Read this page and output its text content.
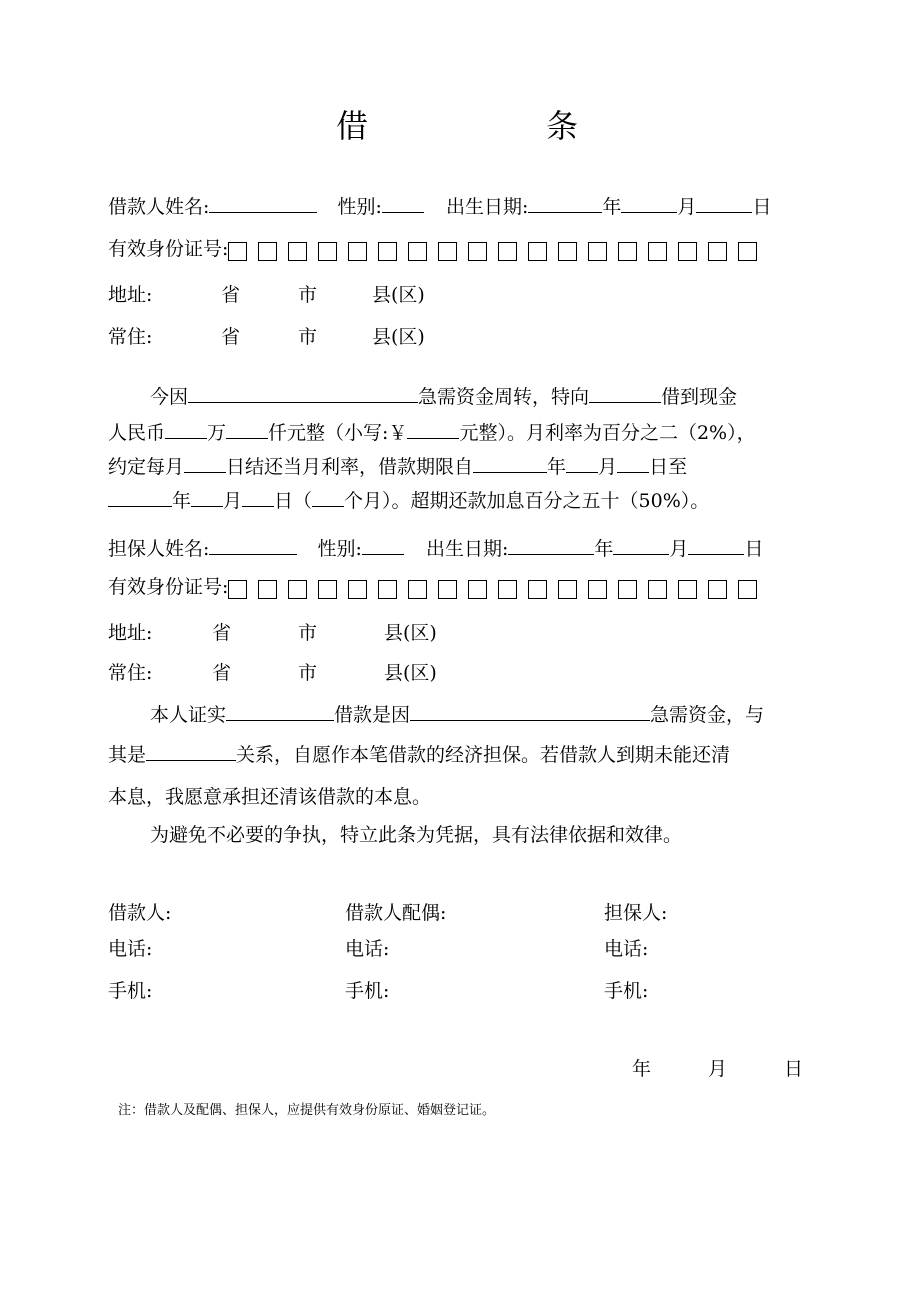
借	条
借款人姓名:	性别:	出生日期:	年	月	日
有效身份证号:
地址:	省	市	县(区)
常住:	省	市	县(区)
今因	急需资金周转，特向	借到现金
人民币 万 仟元整（小写:￥	元整）。月利率为百分之二（2%），
约定每月 日结还当月利率，借款期限自	年 月 日至
年 月 日（ 个月）。超期还款加息百分之五十（50%）。
担保人姓名:	性别:	出生日期:	年	月	日
有效身份证号:
地址:	省	市	县(区)
常住:	省	市	县(区)
本人证实	借款是因	急需资金，与
其是	关系，自愿作本笔借款的经济担保。若借款人到期未能还清
本息，我愿意承担还清该借款的本息。
为避免不必要的争执，特立此条为凭据，具有法律依据和效律。
借款人:	借款人配偶:	担保人:
电话:	电话:	电话:
手机:	手机:	手机:
年	月	日
注：借款人及配偶、担保人，应提供有效身份原证、婚姻登记证。
